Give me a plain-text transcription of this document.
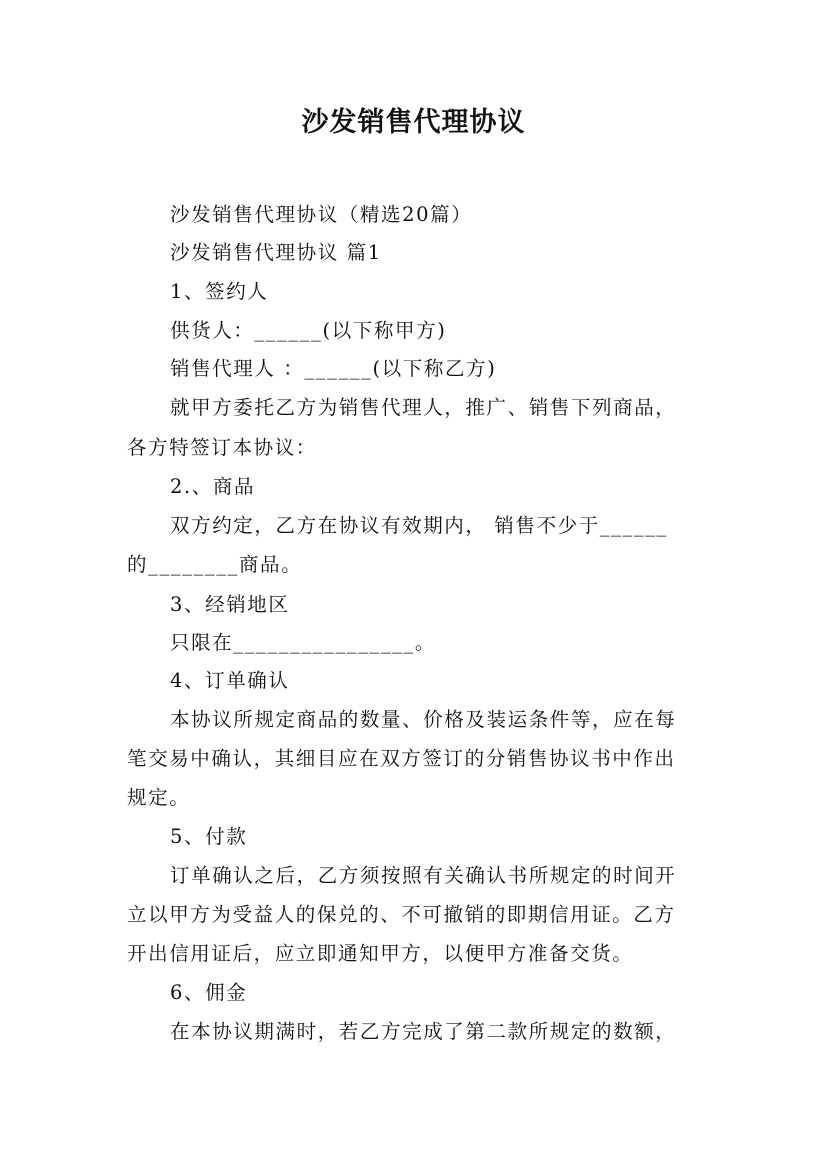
沙发销售代理协议
沙发销售代理协议（精选20篇）
沙发销售代理协议 篇1
1、签约人
供货人：______(以下称甲方)
销售代理人 ：______(以下称乙方)
就甲方委托乙方为销售代理人，推广、销售下列商品，
各方特签订本协议：
2.、商品
双方约定，乙方在协议有效期内， 销售不少于______
的________商品。
3、经销地区
只限在________________。
4、订单确认
本协议所规定商品的数量、价格及装运条件等，应在每
笔交易中确认，其细目应在双方签订的分销售协议书中作出
规定。
5、付款
订单确认之后，乙方须按照有关确认书所规定的时间开
立以甲方为受益人的保兑的、不可撤销的即期信用证。乙方
开出信用证后，应立即通知甲方，以便甲方准备交货。
6、佣金
在本协议期满时，若乙方完成了第二款所规定的数额，
